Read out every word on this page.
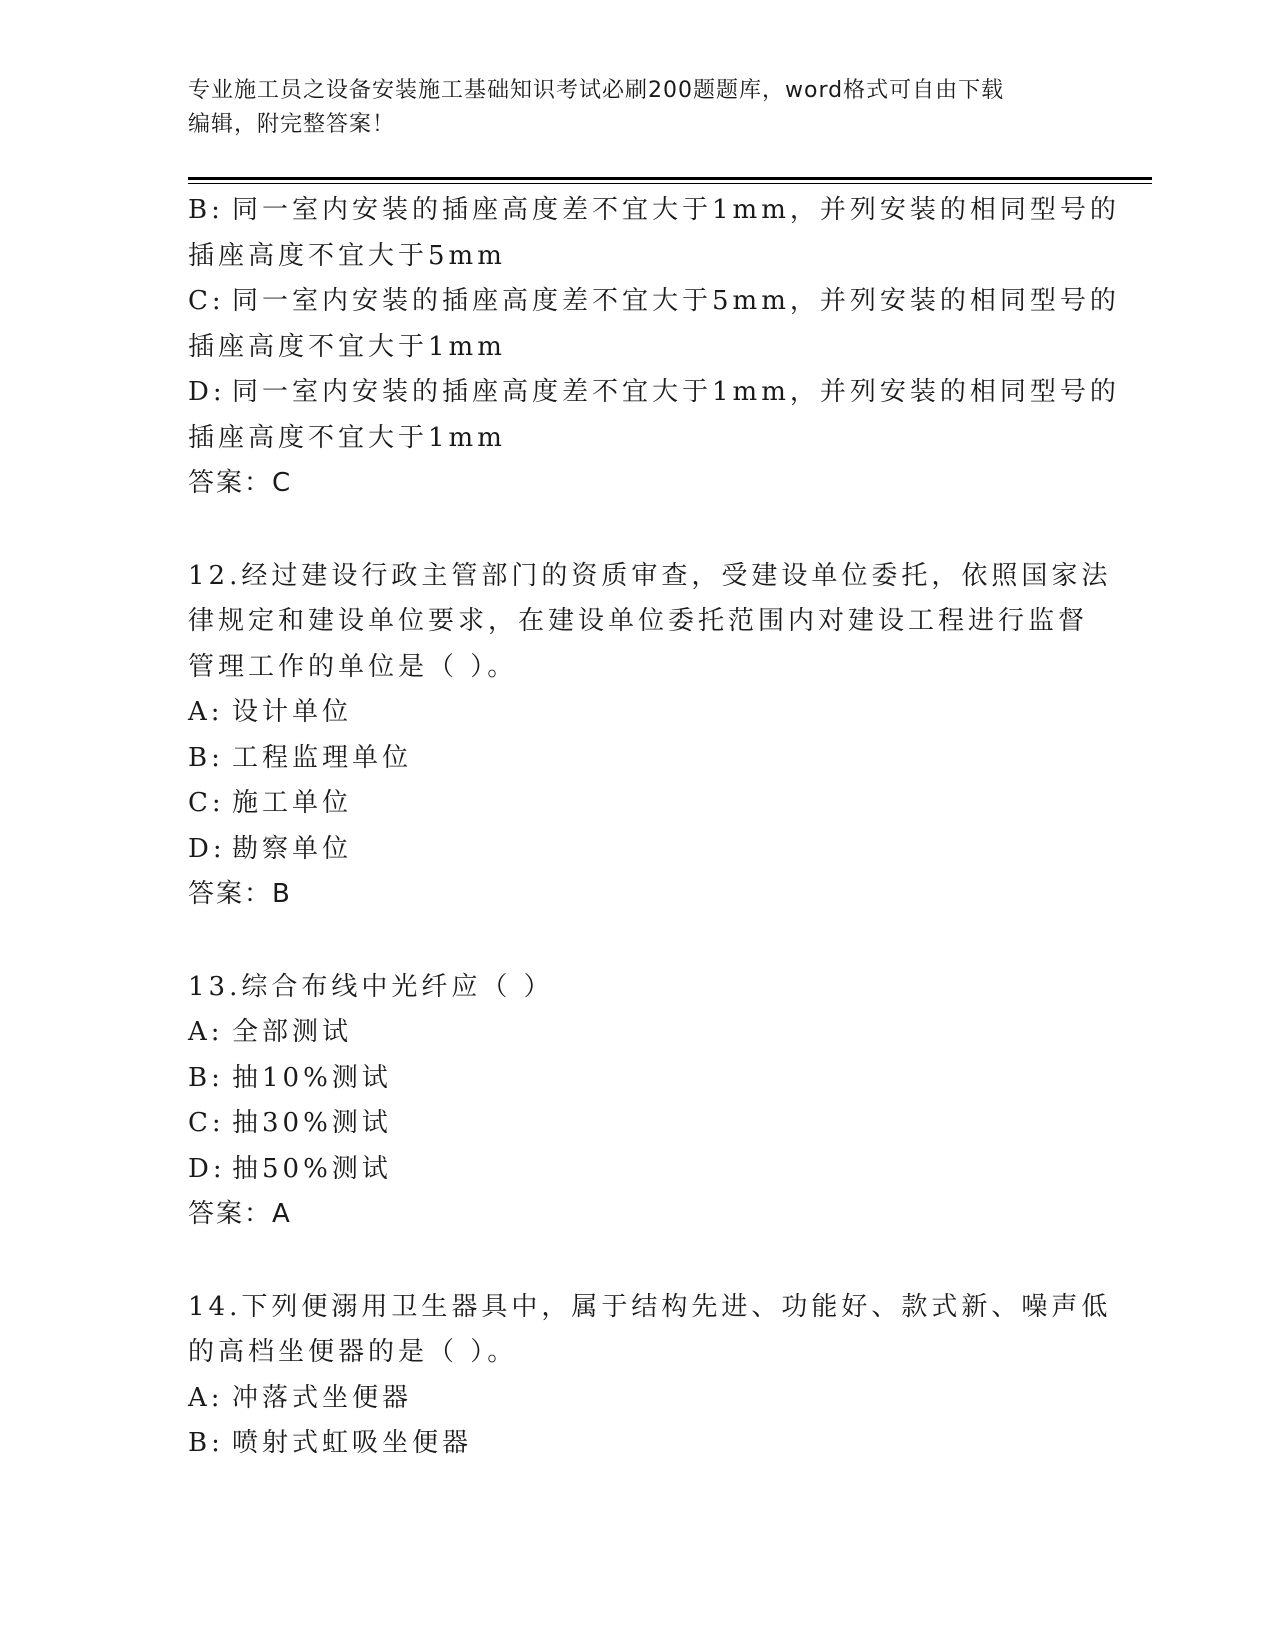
专业施工员之设备安装施工基础知识考试必刷200题题库，word格式可自由下载
编辑，附完整答案！
B: 同一室内安装的插座高度差不宜大于1mm，并列安装的相同型号的
插座高度不宜大于5mm
C: 同一室内安装的插座高度差不宜大于5mm，并列安装的相同型号的
插座高度不宜大于1mm
D: 同一室内安装的插座高度差不宜大于1mm，并列安装的相同型号的
插座高度不宜大于1mm
答案：C
12.经过建设行政主管部门的资质审查，受建设单位委托，依照国家法
律规定和建设单位要求，在建设单位委托范围内对建设工程进行监督
管理工作的单位是（ ）。
A: 设计单位
B: 工程监理单位
C: 施工单位
D: 勘察单位
答案：B
13.综合布线中光纤应（ ）
A: 全部测试
B: 抽10%测试
C: 抽30%测试
D: 抽50%测试
答案：A
14.下列便溺用卫生器具中，属于结构先进、功能好、款式新、噪声低
的高档坐便器的是（ ）。
A: 冲落式坐便器
B: 喷射式虹吸坐便器
